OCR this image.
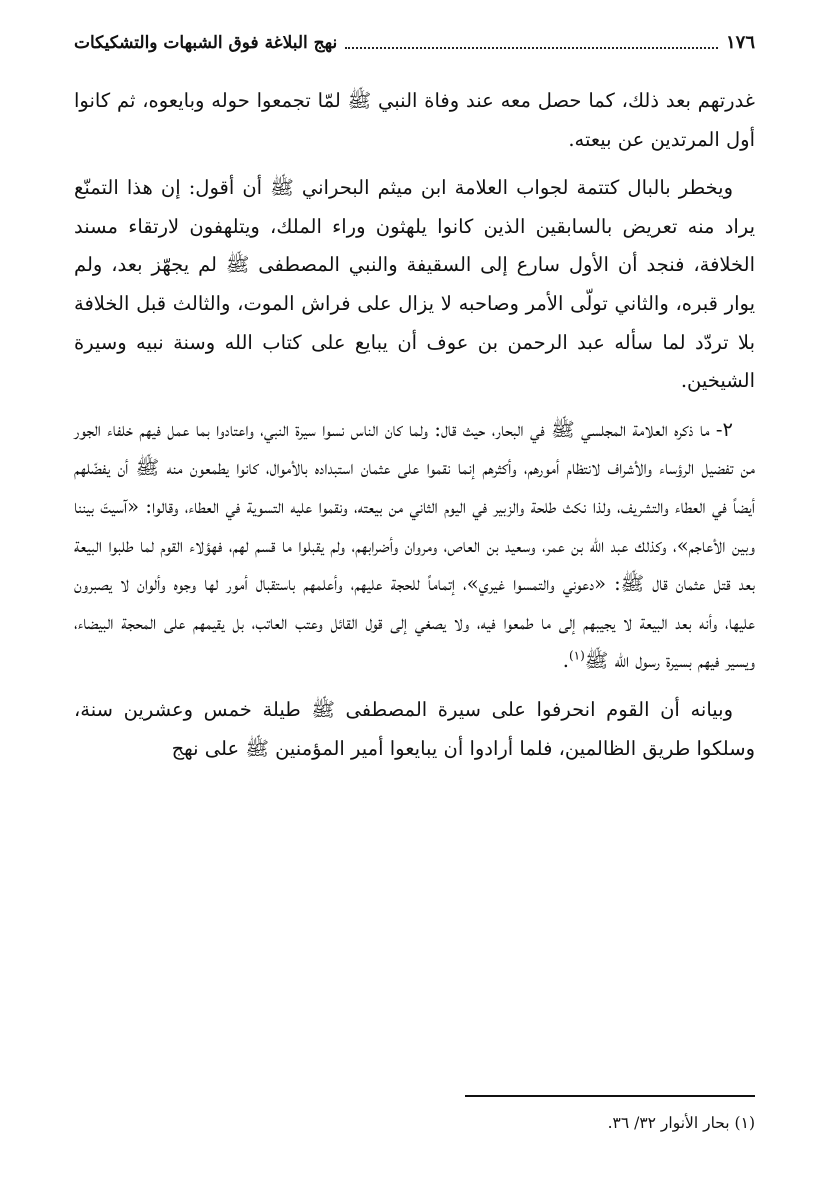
١٧٦
نهج البلاغة فوق الشبهات والتشكيكات

غدرتهم بعد ذلك، كما حصل معه عند وفاة النبي ﷺ لمّا تجمعوا حوله وبايعوه، ثم كانوا أول المرتدين عن بيعته.

ويخطر بالبال كتتمة لجواب العلامة ابن ميثم البحراني ﷺ أن أقول: إن هذا التمنّع يراد منه تعريض بالسابقين الذين كانوا يلهثون وراء الملك، ويتلهفون لارتقاء مسند الخلافة، فنجد أن الأول سارع إلى السقيفة والنبي المصطفى ﷺ لم يجهّز بعد، ولم يوار قبره، والثاني تولّى الأمر وصاحبه لا يزال على فراش الموت، والثالث قبل الخلافة بلا تردّد لما سأله عبد الرحمن بن عوف أن يبايع على كتاب الله وسنة نبيه وسيرة الشيخين.

٢- ما ذكره العلامة المجلسي ﷺ في البحار، حيث قال: ولما كان الناس نسوا سيرة النبي، واعتادوا بما عمل فيهم خلفاء الجور من تفضيل الرؤساء والأشراف لانتظام أمورهم، وأكثرهم إنما نقموا على عثمان استبداده بالأموال، كانوا يطمعون منه ﷺ أن يفضّلهم أيضاً في العطاء والتشريف، ولذا نكث طلحة والزبير في اليوم الثاني من بيعته، ونقموا عليه التسوية في العطاء، وقالوا: «آسيتَ بيننا وبين الأعاجم»، وكذلك عبد الله بن عمر، وسعيد بن العاص، ومروان وأضرابهم، ولم يقبلوا ما قسم لهم، فهؤلاء القوم لما طلبوا البيعة بعد قتل عثمان قال ﷺ: «دعوني والتمسوا غيري»، إتماماً للحجة عليهم، وأعلمهم باستقبال أمور لها وجوه وألوان لا يصبرون عليها، وأنه بعد البيعة لا يجيبهم إلى ما طمعوا فيه، ولا يصغي إلى قول القائل وعتب العاتب، بل يقيمهم على المحجة البيضاء، ويسير فيهم بسيرة رسول الله ﷺ$^{(١)}$.

وبيانه أن القوم انحرفوا على سيرة المصطفى ﷺ طيلة خمس وعشرين سنة، وسلكوا طريق الظالمين، فلما أرادوا أن يبايعوا أمير المؤمنين ﷺ على نهج

(١) بحار الأنوار ٣٢/ ٣٦.
